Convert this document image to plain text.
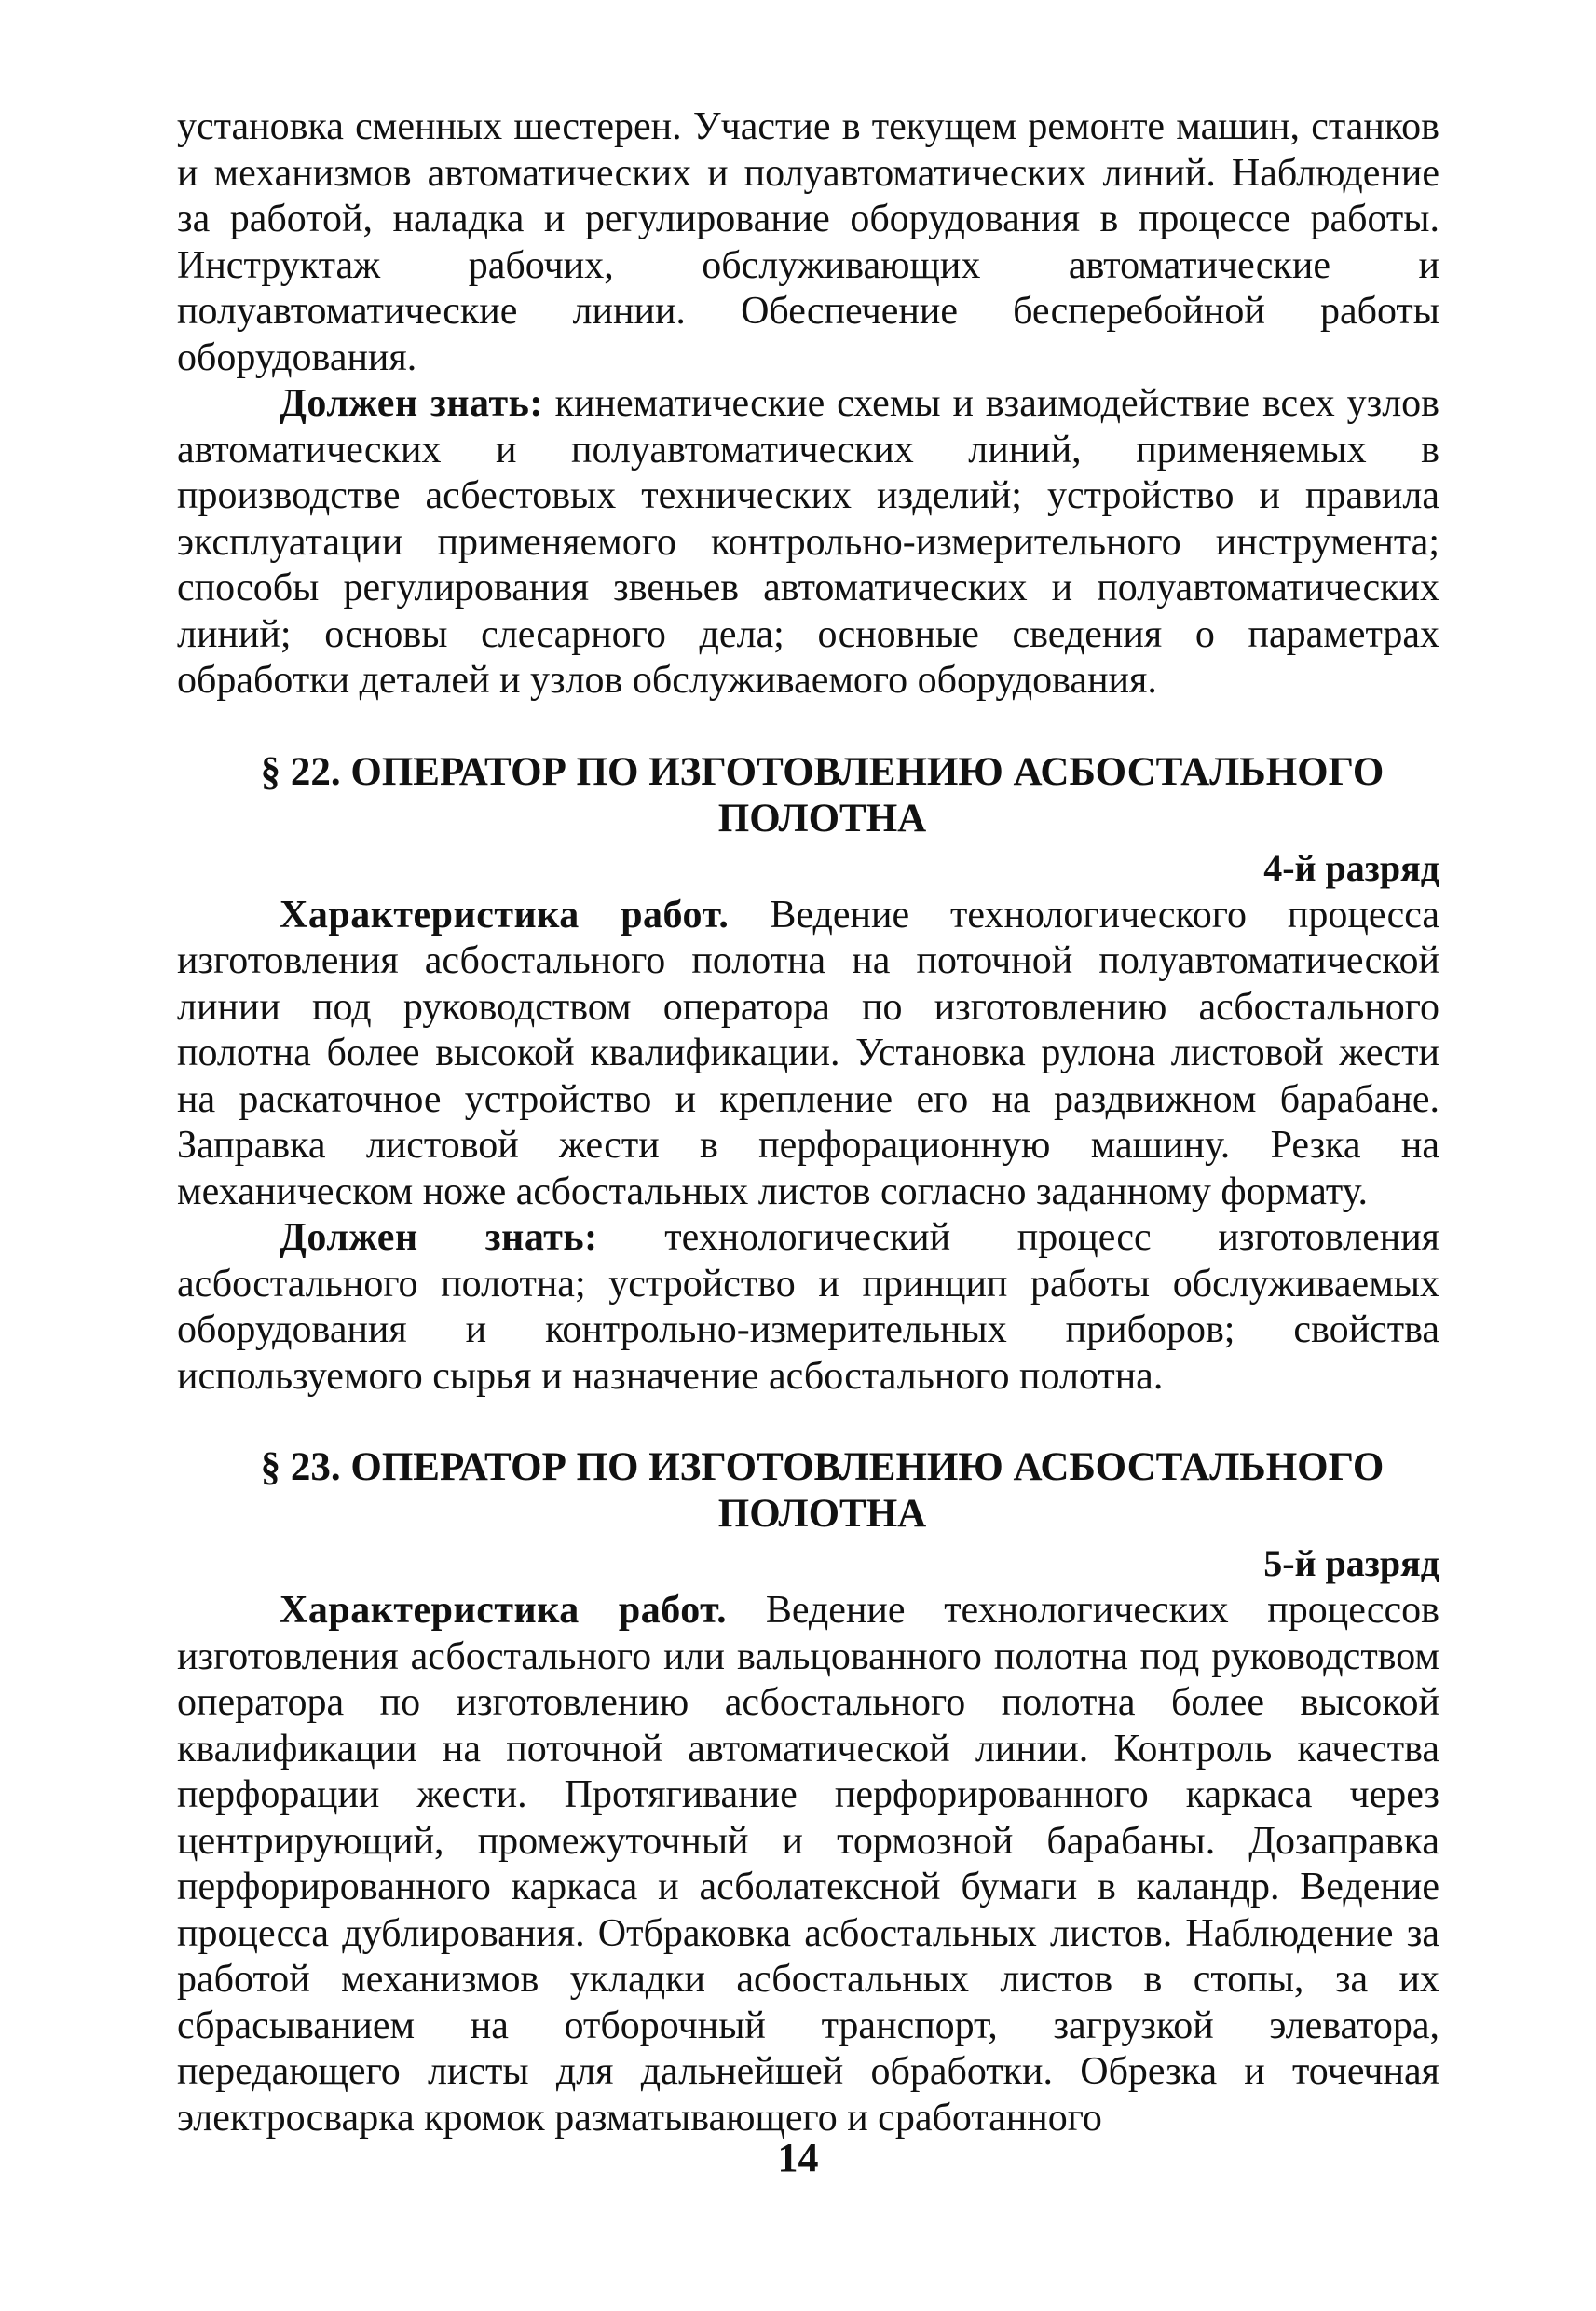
установка сменных шестерен. Участие в текущем ремонте машин, станков и механизмов автоматических и полуавтоматических линий. Наблюдение за работой, наладка и регулирование оборудования в процессе работы. Инструктаж рабочих, обслуживающих автоматические и полуавтоматические линии. Обеспечение бесперебойной работы оборудования.

Должен знать: кинематические схемы и взаимодействие всех узлов автоматических и полуавтоматических линий, применяемых в производстве асбестовых технических изделий; устройство и правила эксплуатации применяемого контрольно-измерительного инструмента; способы регулирования звеньев автоматических и полуавтоматических линий; основы слесарного дела; основные сведения о параметрах обработки деталей и узлов обслуживаемого оборудования.

§ 22. ОПЕРАТОР ПО ИЗГОТОВЛЕНИЮ АСБОСТАЛЬНОГО ПОЛОТНА
4-й разряд

Характеристика работ. Ведение технологического процесса изготовления асбостального полотна на поточной полуавтоматической линии под руководством оператора по изготовлению асбостального полотна более высокой квалификации. Установка рулона листовой жести на раскаточное устройство и крепление его на раздвижном барабане. Заправка листовой жести в перфорационную машину. Резка на механическом ноже асбостальных листов согласно заданному формату.

Должен знать: технологический процесс изготовления асбостального полотна; устройство и принцип работы обслуживаемых оборудования и контрольно-измерительных приборов; свойства используемого сырья и назначение асбостального полотна.

§ 23. ОПЕРАТОР ПО ИЗГОТОВЛЕНИЮ АСБОСТАЛЬНОГО ПОЛОТНА
5-й разряд

Характеристика работ. Ведение технологических процессов изготовления асбостального или вальцованного полотна под руководством оператора по изготовлению асбостального полотна более высокой квалификации на поточной автоматической линии. Контроль качества перфорации жести. Протягивание перфорированного каркаса через центрирующий, промежуточный и тормозной барабаны. Дозаправка перфорированного каркаса и асболатексной бумаги в каландр. Ведение процесса дублирования. Отбраковка асбостальных листов. Наблюдение за работой механизмов укладки асбостальных листов в стопы, за их сбрасыванием на отборочный транспорт, загрузкой элеватора, передающего листы для дальнейшей обработки. Обрезка и точечная электросварка кромок разматывающего и сработанного

14
